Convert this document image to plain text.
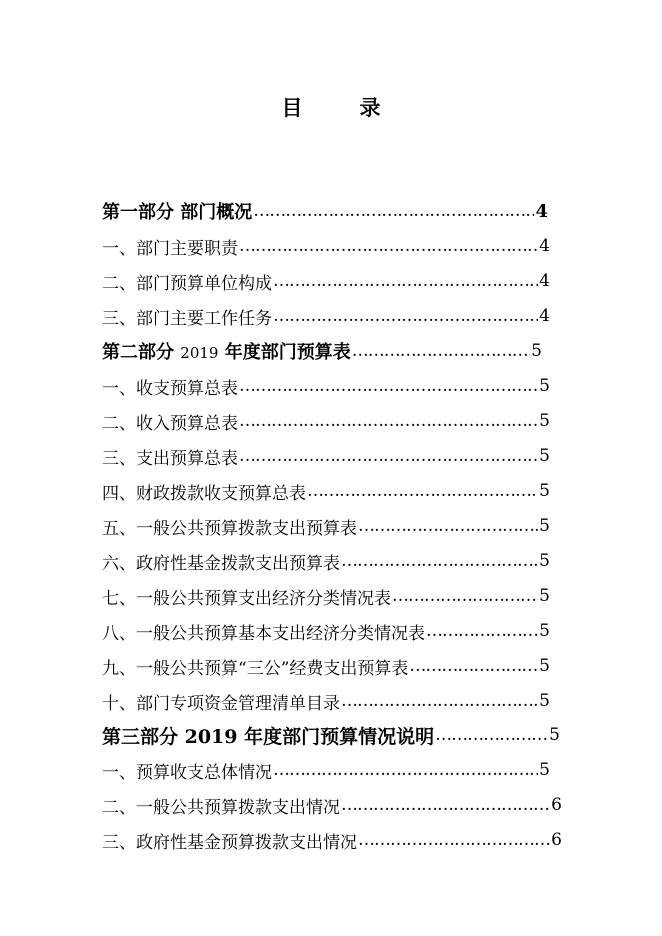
目　录
第一部分 部门概况 ……………………………………………………………………………………………………………………………………	4
一、部门主要职责 ……………………………………………………………………………………………………………………………………	4
二、部门预算单位构成 ……………………………………………………………………………………………………………………………………	4
三、部门主要工作任务 ……………………………………………………………………………………………………………………………………	4
第二部分 2019 年度部门预算表 ……………………………………………………………………………………………………………………………………	5
一、收支预算总表 ……………………………………………………………………………………………………………………………………	5
二、收入预算总表 ……………………………………………………………………………………………………………………………………	5
三、支出预算总表 ……………………………………………………………………………………………………………………………………	5
四、财政拨款收支预算总表 ……………………………………………………………………………………………………………………………………	5
五、一般公共预算拨款支出预算表 ……………………………………………………………………………………………………………………………………	5
六、政府性基金拨款支出预算表 ……………………………………………………………………………………………………………………………………	5
七、一般公共预算支出经济分类情况表 ……………………………………………………………………………………………………………………………………	5
八、一般公共预算基本支出经济分类情况表 ……………………………………………………………………………………………………………………………………	5
九、一般公共预算“三公”经费支出预算表 ……………………………………………………………………………………………………………………………………	5
十、部门专项资金管理清单目录 ……………………………………………………………………………………………………………………………………	5
第三部分 2019 年度部门预算情况说明 ……………………………………………………………………………………………………………………………………	5
一、预算收支总体情况 ……………………………………………………………………………………………………………………………………	5
二、一般公共预算拨款支出情况 ……………………………………………………………………………………………………………………………………	6
三、政府性基金预算拨款支出情况 ……………………………………………………………………………………………………………………………………	6
